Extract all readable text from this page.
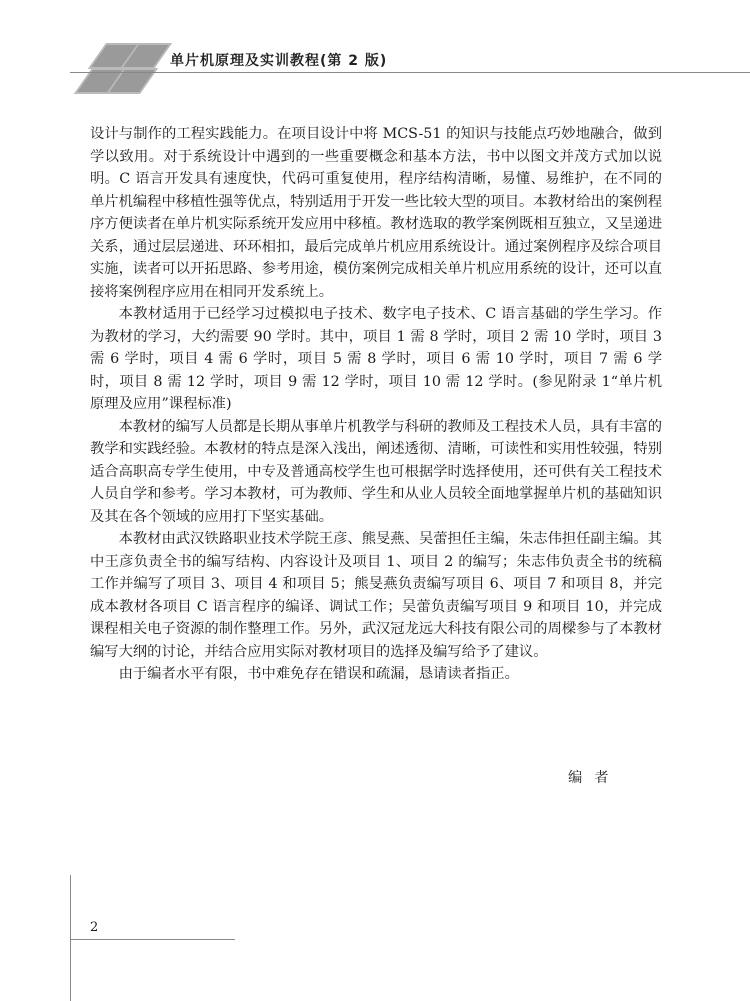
单片机原理及实训教程(第 2 版)

设计与制作的工程实践能力。在项目设计中将 MCS-51 的知识与技能点巧妙地融合，做到学以致用。对于系统设计中遇到的一些重要概念和基本方法，书中以图文并茂方式加以说明。C 语言开发具有速度快，代码可重复使用，程序结构清晰，易懂、易维护，在不同的单片机编程中移植性强等优点，特别适用于开发一些比较大型的项目。本教材给出的案例程序方便读者在单片机实际系统开发应用中移植。教材选取的教学案例既相互独立，又呈递进关系，通过层层递进、环环相扣，最后完成单片机应用系统设计。通过案例程序及综合项目实施，读者可以开拓思路、参考用途，模仿案例完成相关单片机应用系统的设计，还可以直接将案例程序应用在相同开发系统上。

本教材适用于已经学习过模拟电子技术、数字电子技术、C 语言基础的学生学习。作为教材的学习，大约需要 90 学时。其中，项目 1 需 8 学时，项目 2 需 10 学时，项目 3 需 6 学时，项目 4 需 6 学时，项目 5 需 8 学时，项目 6 需 10 学时，项目 7 需 6 学时，项目 8 需 12 学时，项目 9 需 12 学时，项目 10 需 12 学时。(参见附录 1“单片机原理及应用”课程标准)

本教材的编写人员都是长期从事单片机教学与科研的教师及工程技术人员，具有丰富的教学和实践经验。本教材的特点是深入浅出，阐述透彻、清晰，可读性和实用性较强，特别适合高职高专学生使用，中专及普通高校学生也可根据学时选择使用，还可供有关工程技术人员自学和参考。学习本教材，可为教师、学生和从业人员较全面地掌握单片机的基础知识及其在各个领域的应用打下坚实基础。

本教材由武汉铁路职业技术学院王彦、熊旻燕、吴蕾担任主编，朱志伟担任副主编。其中王彦负责全书的编写结构、内容设计及项目 1、项目 2 的编写；朱志伟负责全书的统稿工作并编写了项目 3、项目 4 和项目 5；熊旻燕负责编写项目 6、项目 7 和项目 8，并完成本教材各项目 C 语言程序的编译、调试工作；吴蕾负责编写项目 9 和项目 10，并完成课程相关电子资源的制作整理工作。另外，武汉冠龙远大科技有限公司的周樑参与了本教材编写大纲的讨论，并结合应用实际对教材项目的选择及编写给予了建议。

由于编者水平有限，书中难免存在错误和疏漏，恳请读者指正。

编者
2
